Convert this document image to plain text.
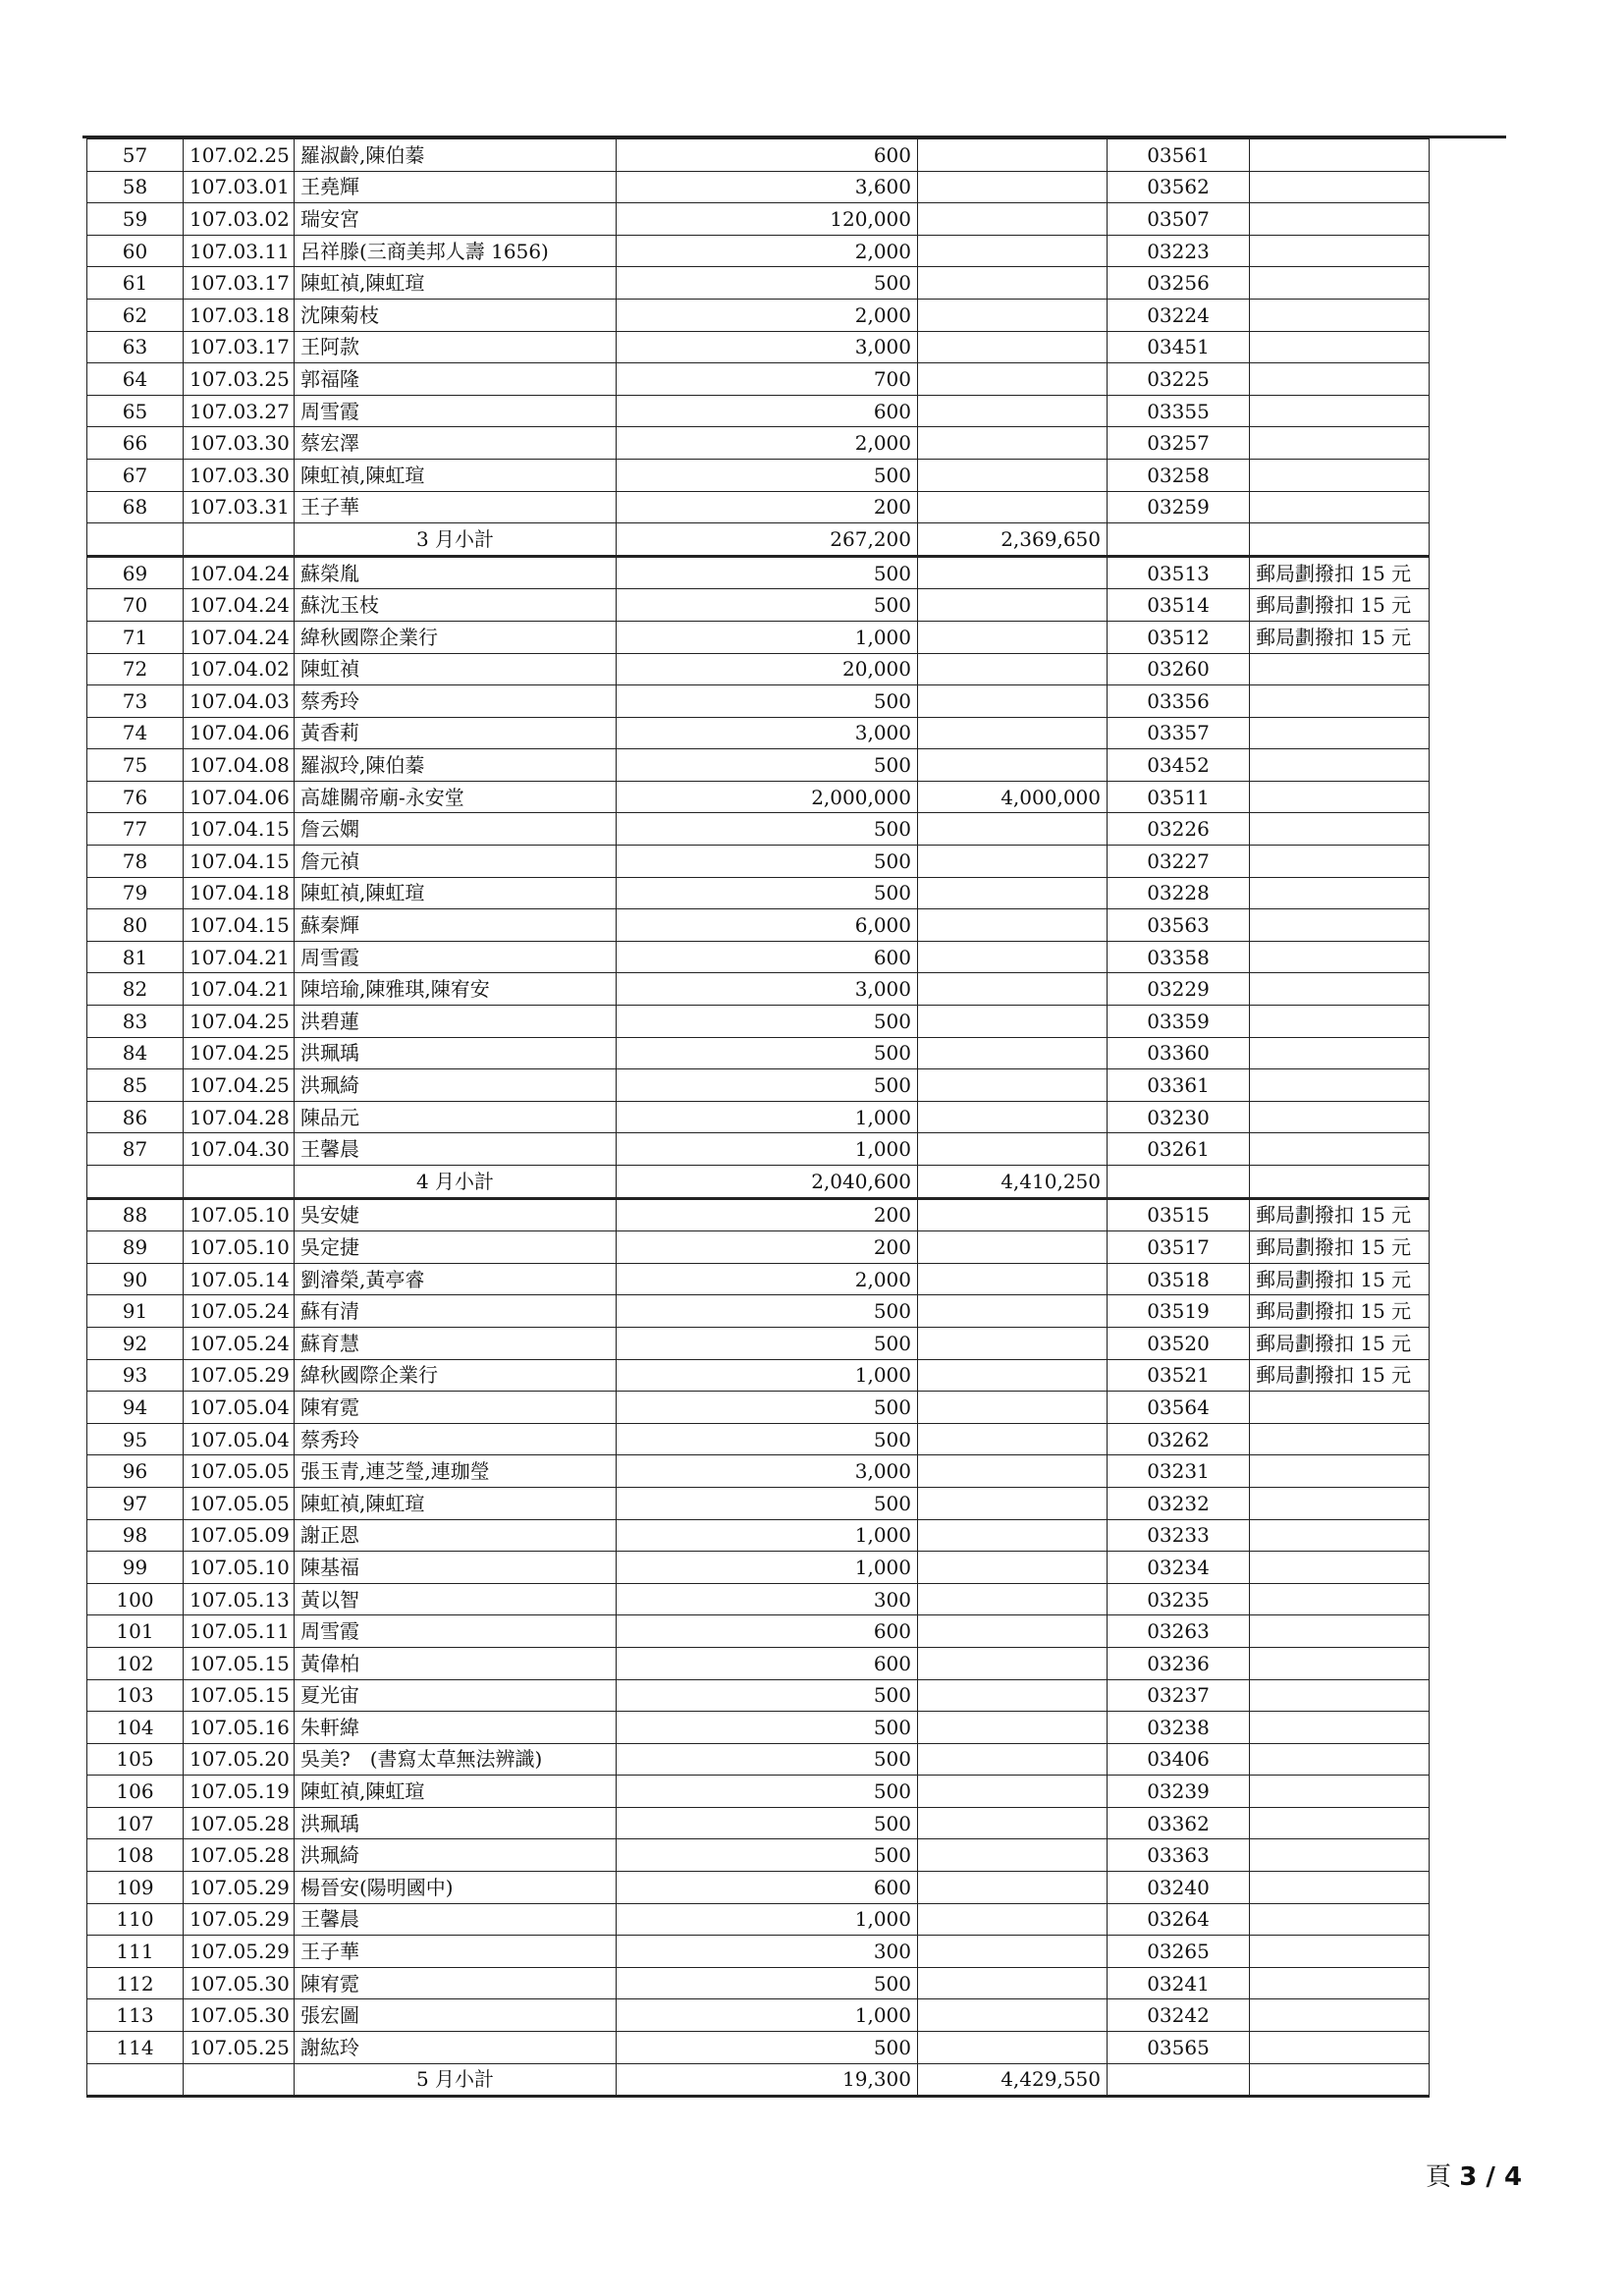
57	107.02.25	羅淑齡,陳伯蓁	600		03561	
58	107.03.01	王堯輝	3,600		03562	
59	107.03.02	瑞安宮	120,000		03507	
60	107.03.11	呂祥滕(三商美邦人壽 1656)	2,000		03223	
61	107.03.17	陳虹禎,陳虹瑄	500		03256	
62	107.03.18	沈陳菊枝	2,000		03224	
63	107.03.17	王阿款	3,000		03451	
64	107.03.25	郭福隆	700		03225	
65	107.03.27	周雪霞	600		03355	
66	107.03.30	蔡宏澤	2,000		03257	
67	107.03.30	陳虹禎,陳虹瑄	500		03258	
68	107.03.31	王子華	200		03259	
		3 月小計	267,200	2,369,650		
69	107.04.24	蘇榮胤	500		03513	郵局劃撥扣 15 元
70	107.04.24	蘇沈玉枝	500		03514	郵局劃撥扣 15 元
71	107.04.24	緯秋國際企業行	1,000		03512	郵局劃撥扣 15 元
72	107.04.02	陳虹禎	20,000		03260	
73	107.04.03	蔡秀玲	500		03356	
74	107.04.06	黃香莉	3,000		03357	
75	107.04.08	羅淑玲,陳伯蓁	500		03452	
76	107.04.06	高雄關帝廟-永安堂	2,000,000	4,000,000	03511	
77	107.04.15	詹云嫻	500		03226	
78	107.04.15	詹元禎	500		03227	
79	107.04.18	陳虹禎,陳虹瑄	500		03228	
80	107.04.15	蘇秦輝	6,000		03563	
81	107.04.21	周雪霞	600		03358	
82	107.04.21	陳培瑜,陳雅琪,陳宥安	3,000		03229	
83	107.04.25	洪碧蓮	500		03359	
84	107.04.25	洪珮瑀	500		03360	
85	107.04.25	洪珮綺	500		03361	
86	107.04.28	陳品元	1,000		03230	
87	107.04.30	王馨晨	1,000		03261	
		4 月小計	2,040,600	4,410,250		
88	107.05.10	吳安婕	200		03515	郵局劃撥扣 15 元
89	107.05.10	吳定捷	200		03517	郵局劃撥扣 15 元
90	107.05.14	劉濬榮,黃亭睿	2,000		03518	郵局劃撥扣 15 元
91	107.05.24	蘇有清	500		03519	郵局劃撥扣 15 元
92	107.05.24	蘇育慧	500		03520	郵局劃撥扣 15 元
93	107.05.29	緯秋國際企業行	1,000		03521	郵局劃撥扣 15 元
94	107.05.04	陳宥霓	500		03564	
95	107.05.04	蔡秀玲	500		03262	
96	107.05.05	張玉青,連芝瑩,連珈瑩	3,000		03231	
97	107.05.05	陳虹禎,陳虹瑄	500		03232	
98	107.05.09	謝正恩	1,000		03233	
99	107.05.10	陳基福	1,000		03234	
100	107.05.13	黃以智	300		03235	
101	107.05.11	周雪霞	600		03263	
102	107.05.15	黃偉柏	600		03236	
103	107.05.15	夏光宙	500		03237	
104	107.05.16	朱軒緯	500		03238	
105	107.05.20	吳美?　(書寫太草無法辨識)	500		03406	
106	107.05.19	陳虹禎,陳虹瑄	500		03239	
107	107.05.28	洪珮瑀	500		03362	
108	107.05.28	洪珮綺	500		03363	
109	107.05.29	楊晉安(陽明國中)	600		03240	
110	107.05.29	王馨晨	1,000		03264	
111	107.05.29	王子華	300		03265	
112	107.05.30	陳宥霓	500		03241	
113	107.05.30	張宏圖	1,000		03242	
114	107.05.25	謝紘玲	500		03565	
		5 月小計	19,300	4,429,550		
頁 3 / 4
